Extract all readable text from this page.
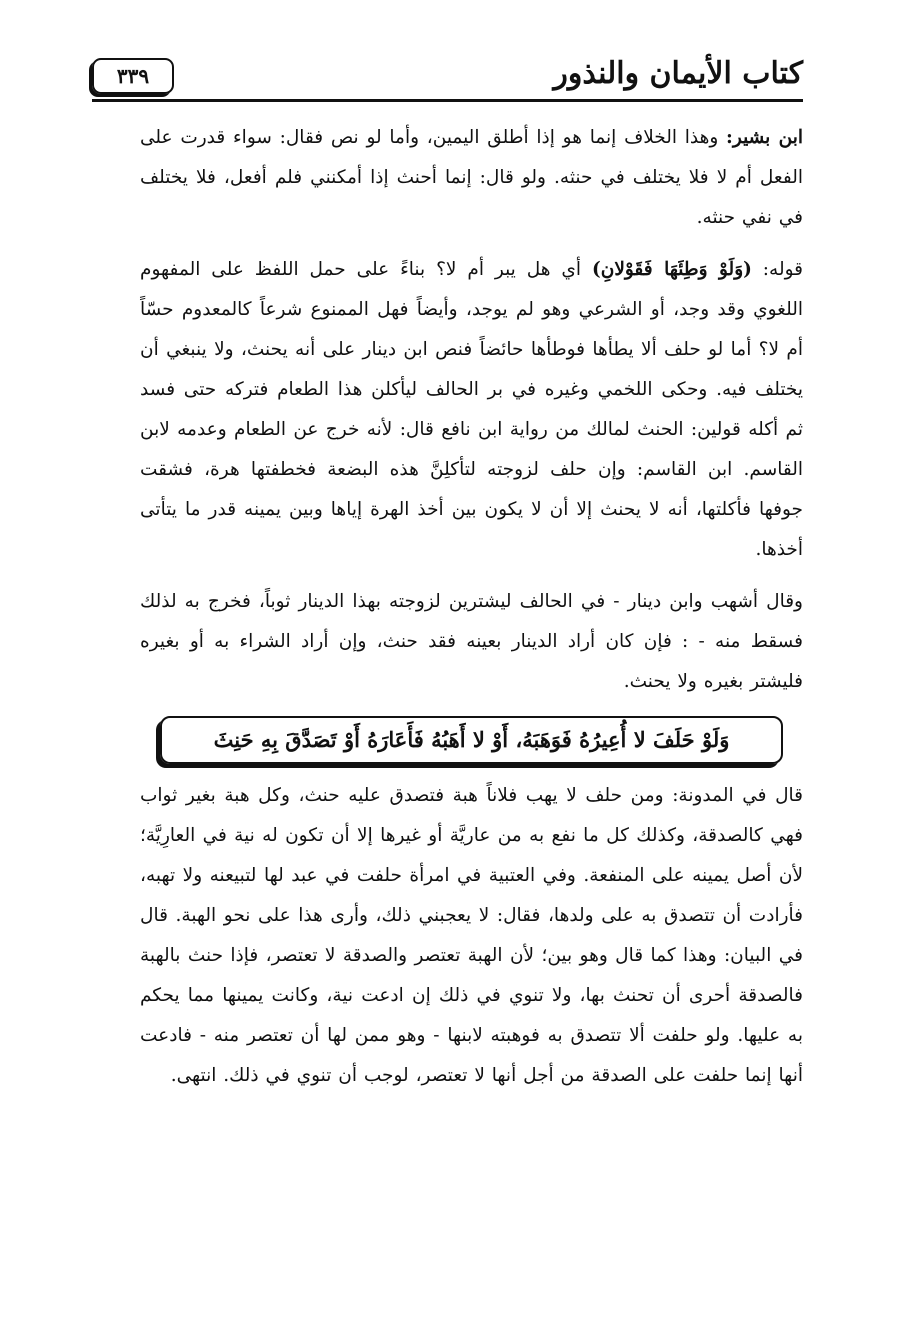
كتاب الأيمان والنذور
٣٣٩

ابن بشير: وهذا الخلاف إنما هو إذا أطلق اليمين، وأما لو نص فقال: سواء قدرت على الفعل أم لا فلا يختلف في حنثه. ولو قال: إنما أحنث إذا أمكنني فلم أفعل، فلا يختلف في نفي حنثه.

قوله: (وَلَوْ وَطِئَهَا فَقَوْلانِ) أي هل يبر أم لا؟ بناءً على حمل اللفظ على المفهوم اللغوي وقد وجد، أو الشرعي وهو لم يوجد، وأيضاً فهل الممنوع شرعاً كالمعدوم حسّاً أم لا؟ أما لو حلف ألا يطأها فوطأها حائضاً فنص ابن دينار على أنه يحنث، ولا ينبغي أن يختلف فيه. وحكى اللخمي وغيره في بر الحالف ليأكلن هذا الطعام فتركه حتى فسد ثم أكله قولين: الحنث لمالك من رواية ابن نافع قال: لأنه خرج عن الطعام وعدمه لابن القاسم. ابن القاسم: وإن حلف لزوجته لتأكلِنَّ هذه البضعة فخطفتها هرة، فشقت جوفها فأكلتها، أنه لا يحنث إلا أن لا يكون بين أخذ الهرة إياها وبين يمينه قدر ما يتأتى أخذها.

وقال أشهب وابن دينار - في الحالف ليشترين لزوجته بهذا الدينار ثوباً، فخرج به لذلك فسقط منه - : فإن كان أراد الدينار بعينه فقد حنث، وإن أراد الشراء به أو بغيره فليشتر بغيره ولا يحنث.

وَلَوْ حَلَفَ لا أُعِيرُهُ فَوَهَبَهُ، أَوْ لا أَهَبُهُ فَأَعَارَهُ أَوْ تَصَدَّقَ بِهِ حَنِثَ

قال في المدونة: ومن حلف لا يهب فلاناً هبة فتصدق عليه حنث، وكل هبة بغير ثواب فهي كالصدقة، وكذلك كل ما نفع به من عاريَّة أو غيرها إلا أن تكون له نية في العارِيَّة؛ لأن أصل يمينه على المنفعة. وفي العتبية في امرأة حلفت في عبد لها لتبيعنه ولا تهبه، فأرادت أن تتصدق به على ولدها، فقال: لا يعجبني ذلك، وأرى هذا على نحو الهبة. قال في البيان: وهذا كما قال وهو بين؛ لأن الهبة تعتصر والصدقة لا تعتصر، فإذا حنث بالهبة فالصدقة أحرى أن تحنث بها، ولا تنوي في ذلك إن ادعت نية، وكانت يمينها مما يحكم به عليها. ولو حلفت ألا تتصدق به فوهبته لابنها - وهو ممن لها أن تعتصر منه - فادعت أنها إنما حلفت على الصدقة من أجل أنها لا تعتصر، لوجب أن تنوي في ذلك. انتهى.
